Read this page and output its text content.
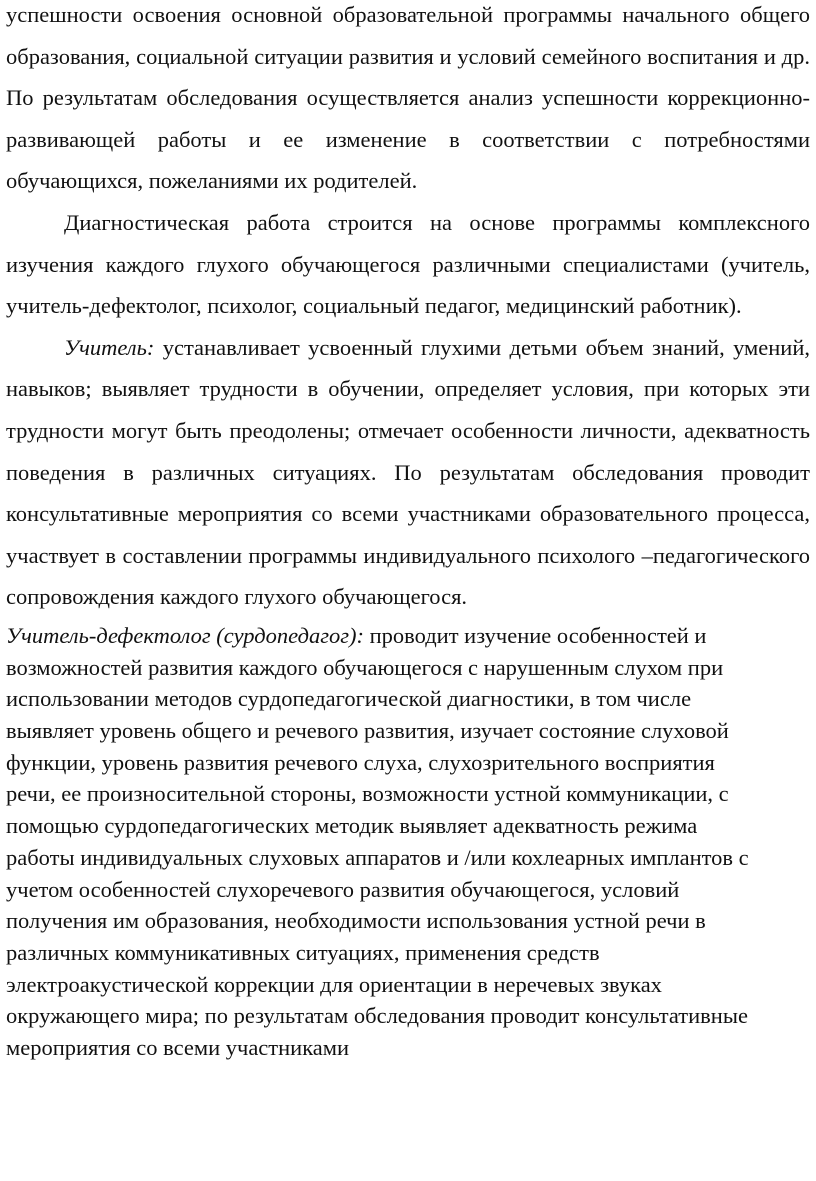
успешности освоения основной образовательной программы начального общего образования, социальной ситуации развития и условий семейного воспитания и др. По результатам обследования осуществляется анализ успешности коррекционно-развивающей работы и ее изменение в соответствии с потребностями обучающихся, пожеланиями их родителей.

Диагностическая работа строится на основе программы комплексного изучения каждого глухого обучающегося различными специалистами (учитель, учитель-дефектолог, психолог, социальный педагог, медицинский работник).

Учитель: устанавливает усвоенный глухими детьми объем знаний, умений, навыков; выявляет трудности в обучении, определяет условия, при которых эти трудности могут быть преодолены; отмечает особенности личности, адекватность поведения в различных ситуациях. По результатам обследования проводит консультативные мероприятия со всеми участниками образовательного процесса, участвует в составлении программы индивидуального психолого –педагогического сопровождения каждого глухого обучающегося.

Учитель-дефектолог (сурдопедагог): проводит изучение особенностей и
возможностей развития каждого обучающегося с нарушенным слухом при
использовании методов сурдопедагогической диагностики, в том числе
выявляет уровень общего и речевого развития, изучает состояние слуховой
функции, уровень развития речевого слуха, слухозрительного восприятия
речи, ее произносительной стороны, возможности устной коммуникации, с
помощью сурдопедагогических методик выявляет адекватность режима
работы индивидуальных слуховых аппаратов и /или кохлеарных имплантов с
учетом особенностей слухоречевого развития обучающегося, условий
получения им образования, необходимости использования устной речи в
различных коммуникативных ситуациях, применения средств
электроакустической коррекции для ориентации в неречевых звуках
окружающего мира; по результатам обследования проводит консультативные
мероприятия со всеми участниками
